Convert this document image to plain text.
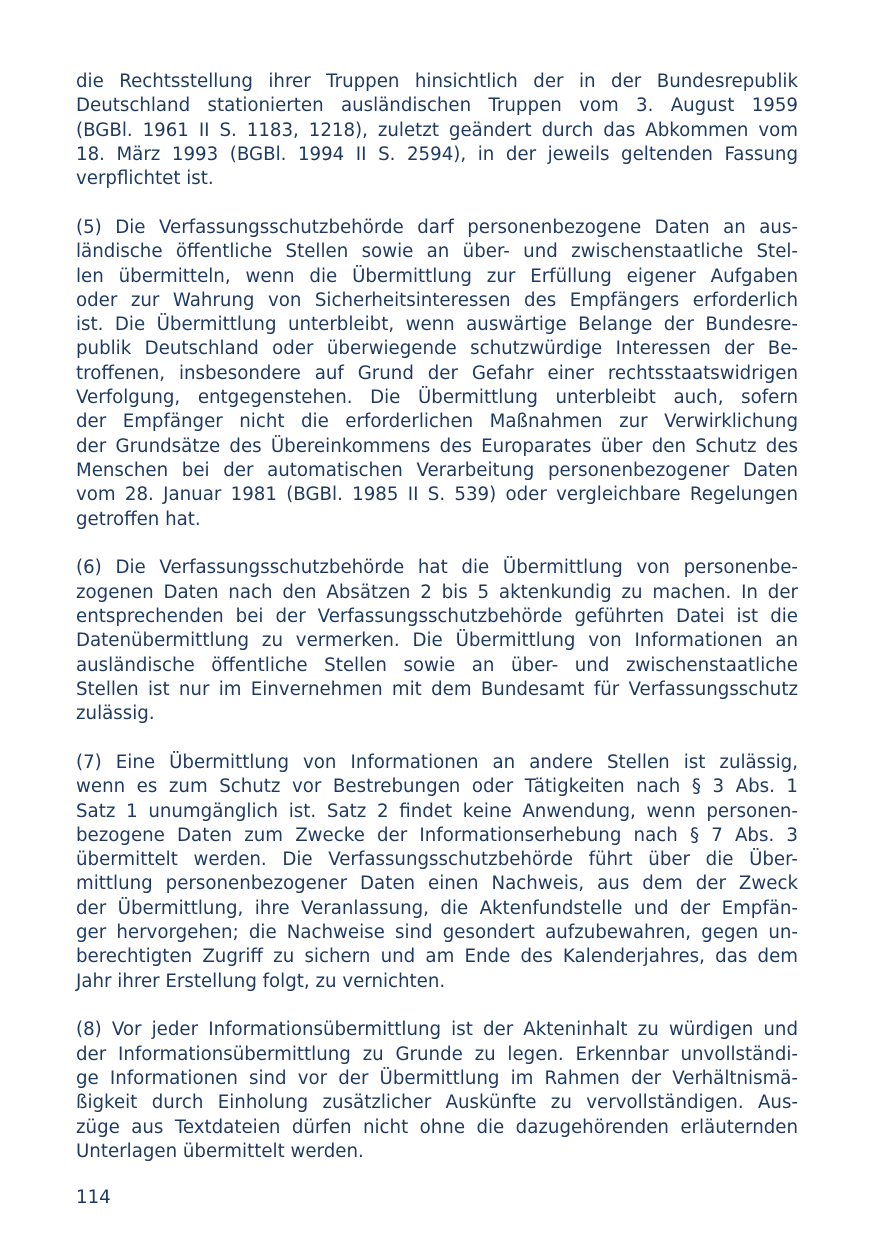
die Rechtsstellung ihrer Truppen hinsichtlich der in der Bundesrepublik
Deutschland stationierten ausländischen Truppen vom 3. August 1959
(BGBl. 1961 II S. 1183, 1218), zuletzt geändert durch das Abkommen vom
18. März 1993 (BGBl. 1994 II S. 2594), in der jeweils geltenden Fassung
verpflichtet ist.
(5) Die Verfassungsschutzbehörde darf personenbezogene Daten an aus-
ländische öffentliche Stellen sowie an über- und zwischenstaatliche Stel-
len übermitteln, wenn die Übermittlung zur Erfüllung eigener Aufgaben
oder zur Wahrung von Sicherheitsinteressen des Empfängers erforderlich
ist. Die Übermittlung unterbleibt, wenn auswärtige Belange der Bundesre-
publik Deutschland oder überwiegende schutzwürdige Interessen der Be-
troffenen, insbesondere auf Grund der Gefahr einer rechtsstaatswidrigen
Verfolgung, entgegenstehen. Die Übermittlung unterbleibt auch, sofern
der Empfänger nicht die erforderlichen Maßnahmen zur Verwirklichung
der Grundsätze des Übereinkommens des Europarates über den Schutz des
Menschen bei der automatischen Verarbeitung personenbezogener Daten
vom 28. Januar 1981 (BGBl. 1985 II S. 539) oder vergleichbare Regelungen
getroffen hat.
(6) Die Verfassungsschutzbehörde hat die Übermittlung von personenbe-
zogenen Daten nach den Absätzen 2 bis 5 aktenkundig zu machen. In der
entsprechenden bei der Verfassungsschutzbehörde geführten Datei ist die
Datenübermittlung zu vermerken. Die Übermittlung von Informationen an
ausländische öffentliche Stellen sowie an über- und zwischenstaatliche
Stellen ist nur im Einvernehmen mit dem Bundesamt für Verfassungsschutz
zulässig.
(7) Eine Übermittlung von Informationen an andere Stellen ist zulässig,
wenn es zum Schutz vor Bestrebungen oder Tätigkeiten nach § 3 Abs. 1
Satz 1 unumgänglich ist. Satz 2 findet keine Anwendung, wenn personen-
bezogene Daten zum Zwecke der Informationserhebung nach § 7 Abs. 3
übermittelt werden. Die Verfassungsschutzbehörde führt über die Über-
mittlung personenbezogener Daten einen Nachweis, aus dem der Zweck
der Übermittlung, ihre Veranlassung, die Aktenfundstelle und der Empfän-
ger hervorgehen; die Nachweise sind gesondert aufzubewahren, gegen un-
berechtigten Zugriff zu sichern und am Ende des Kalenderjahres, das dem
Jahr ihrer Erstellung folgt, zu vernichten.
(8) Vor jeder Informationsübermittlung ist der Akteninhalt zu würdigen und
der Informationsübermittlung zu Grunde zu legen. Erkennbar unvollständi-
ge Informationen sind vor der Übermittlung im Rahmen der Verhältnismä-
ßigkeit durch Einholung zusätzlicher Auskünfte zu vervollständigen. Aus-
züge aus Textdateien dürfen nicht ohne die dazugehörenden erläuternden
Unterlagen übermittelt werden.
114
